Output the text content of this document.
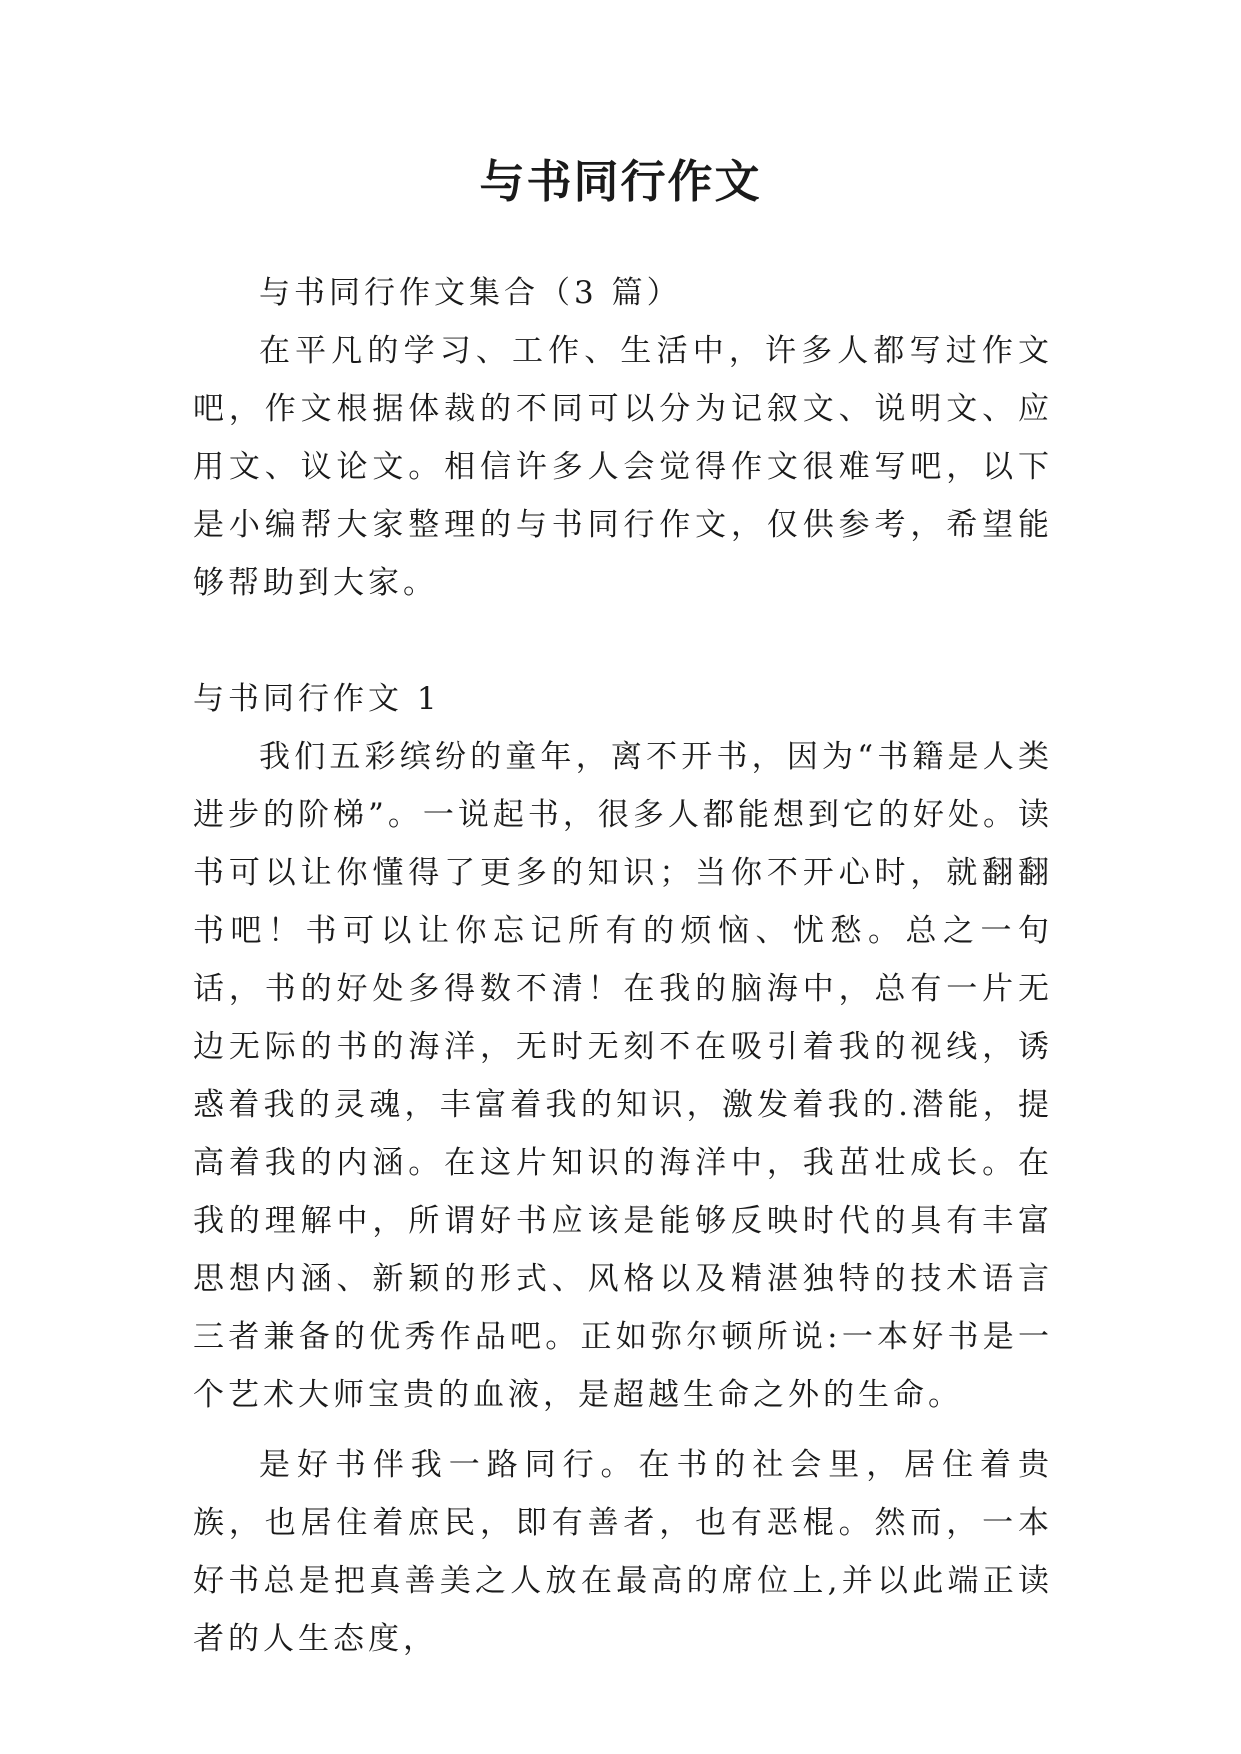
与书同行作文

与书同行作文集合（3 篇）

在平凡的学习、工作、生活中，许多人都写过作文吧，作文根据体裁的不同可以分为记叙文、说明文、应用文、议论文。相信许多人会觉得作文很难写吧，以下是小编帮大家整理的与书同行作文，仅供参考，希望能够帮助到大家。

与书同行作文 1

我们五彩缤纷的童年，离不开书，因为“书籍是人类进步的阶梯”。一说起书，很多人都能想到它的好处。读书可以让你懂得了更多的知识；当你不开心时，就翻翻书吧！书可以让你忘记所有的烦恼、忧愁。总之一句话，书的好处多得数不清！在我的脑海中，总有一片无边无际的书的海洋，无时无刻不在吸引着我的视线，诱惑着我的灵魂，丰富着我的知识，激发着我的.潜能，提高着我的内涵。在这片知识的海洋中，我茁壮成长。在我的理解中，所谓好书应该是能够反映时代的具有丰富思想内涵、新颖的形式、风格以及精湛独特的技术语言三者兼备的优秀作品吧。正如弥尔顿所说:一本好书是一个艺术大师宝贵的血液，是超越生命之外的生命。

是好书伴我一路同行。在书的社会里，居住着贵族，也居住着庶民，即有善者，也有恶棍。然而，一本好书总是把真善美之人放在最高的席位上,并以此端正读者的人生态度，
